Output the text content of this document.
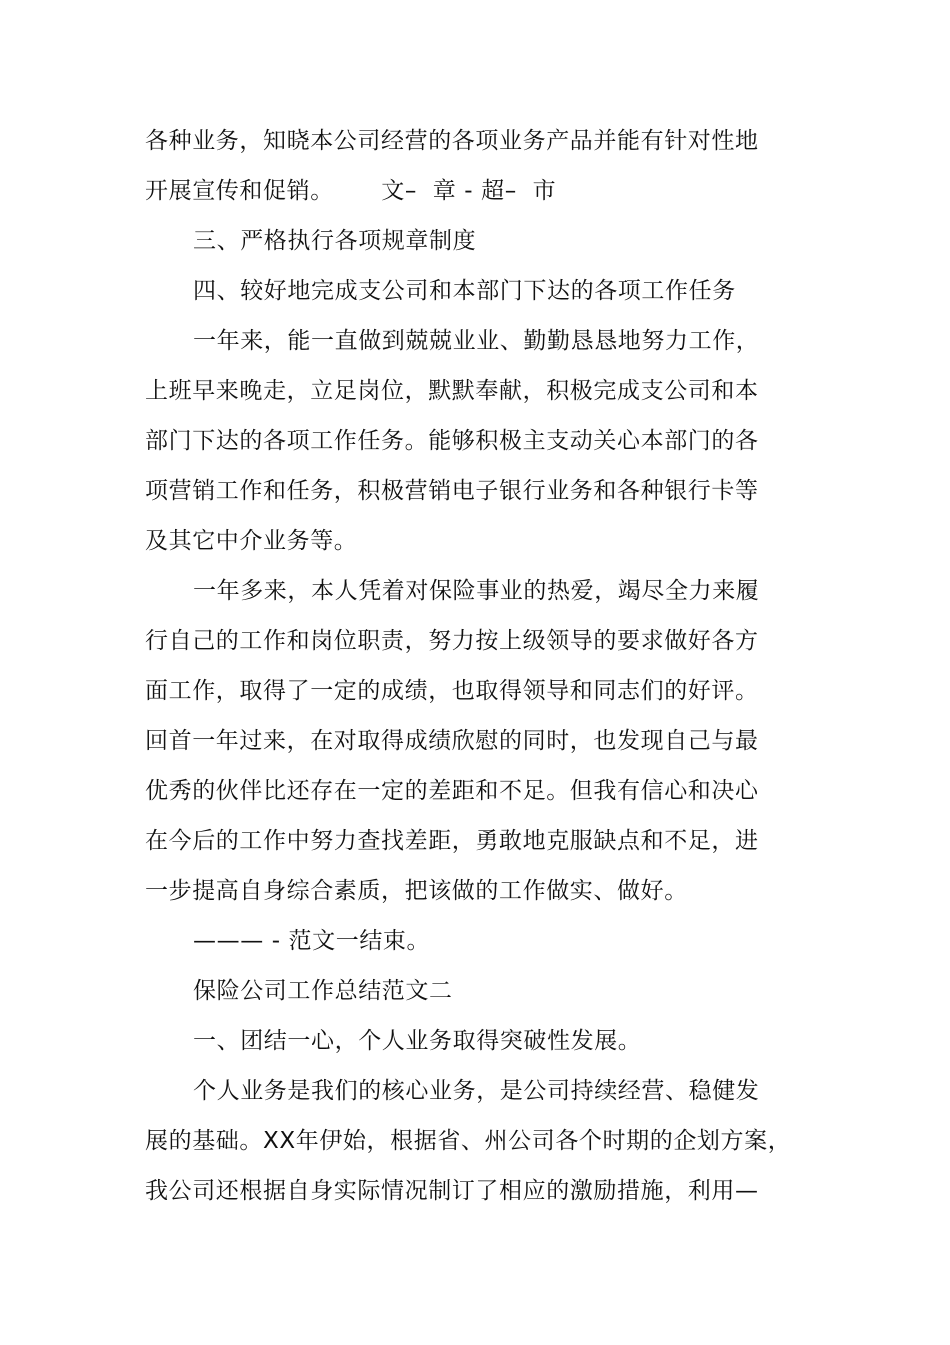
各种业务，知晓本公司经营的各项业务产品并能有针对性地
开展宣传和促销。      文–  章 - 超–  市
三、严格执行各项规章制度
四、较好地完成支公司和本部门下达的各项工作任务
一年来，能一直做到兢兢业业、勤勤恳恳地努力工作，
上班早来晚走，立足岗位，默默奉献，积极完成支公司和本
部门下达的各项工作任务。能够积极主支动关心本部门的各
项营销工作和任务，积极营销电子银行业务和各种银行卡等
及其它中介业务等。
一年多来，本人凭着对保险事业的热爱，竭尽全力来履
行自己的工作和岗位职责，努力按上级领导的要求做好各方
面工作，取得了一定的成绩，也取得领导和同志们的好评。
回首一年过来，在对取得成绩欣慰的同时，也发现自己与最
优秀的伙伴比还存在一定的差距和不足。但我有信心和决心
在今后的工作中努力查找差距，勇敢地克服缺点和不足，进
一步提高自身综合素质，把该做的工作做实、做好。
——— - 范文一结束。
保险公司工作总结范文二
一、团结一心，个人业务取得突破性发展。
个人业务是我们的核心业务，是公司持续经营、稳健发
展的基础。XX年伊始，根据省、州公司各个时期的企划方案，
我公司还根据自身实际情况制订了相应的激励措施，利用—
